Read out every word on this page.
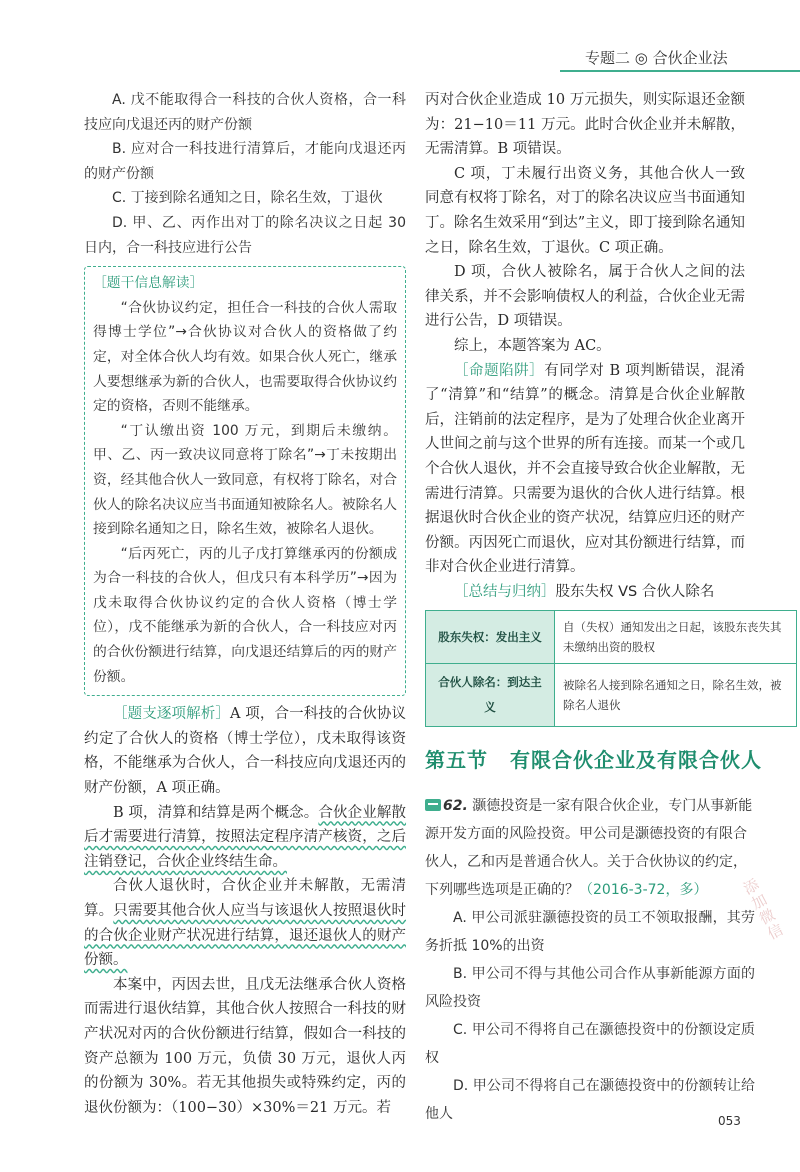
专题二 ◎ 合伙企业法

A. 戊不能取得合一科技的合伙人资格，合一科技应向戊退还丙的财产份额

B. 应对合一科技进行清算后，才能向戊退还丙的财产份额

C. 丁接到除名通知之日，除名生效，丁退伙

D. 甲、乙、丙作出对丁的除名决议之日起 30 日内，合一科技应进行公告

［题干信息解读］

“合伙协议约定，担任合一科技的合伙人需取得博士学位”→合伙协议对合伙人的资格做了约定，对全体合伙人均有效。如果合伙人死亡，继承人要想继承为新的合伙人，也需要取得合伙协议约定的资格，否则不能继承。

“丁认缴出资 100 万元，到期后未缴纳。甲、乙、丙一致决议同意将丁除名”→丁未按期出资，经其他合伙人一致同意，有权将丁除名，对合伙人的除名决议应当书面通知被除名人。被除名人接到除名通知之日，除名生效，被除名人退伙。

“后丙死亡，丙的儿子戊打算继承丙的份额成为合一科技的合伙人，但戊只有本科学历”→因为戊未取得合伙协议约定的合伙人资格（博士学位），戊不能继承为新的合伙人，合一科技应对丙的合伙份额进行结算，向戊退还结算后的丙的财产份额。

［题支逐项解析］A 项，合一科技的合伙协议约定了合伙人的资格（博士学位），戊未取得该资格，不能继承为合伙人，合一科技应向戊退还丙的财产份额，A 项正确。

B 项，清算和结算是两个概念。合伙企业解散后才需要进行清算，按照法定程序清产核资，之后注销登记，合伙企业终结生命。

合伙人退伙时，合伙企业并未解散，无需清算。只需要其他合伙人应当与该退伙人按照退伙时的合伙企业财产状况进行结算，退还退伙人的财产份额。

本案中，丙因去世，且戊无法继承合伙人资格而需进行退伙结算，其他合伙人按照合一科技的财产状况对丙的合伙份额进行结算，假如合一科技的资产总额为 100 万元，负债 30 万元，退伙人丙的份额为 30%。若无其他损失或特殊约定，丙的退伙份额为：（100−30）×30%＝21 万元。若

丙对合伙企业造成 10 万元损失，则实际退还金额为：21−10＝11 万元。此时合伙企业并未解散，无需清算。B 项错误。

C 项，丁未履行出资义务，其他合伙人一致同意有权将丁除名，对丁的除名决议应当书面通知丁。除名生效采用“到达”主义，即丁接到除名通知之日，除名生效，丁退伙。C 项正确。

D 项，合伙人被除名，属于合伙人之间的法律关系，并不会影响债权人的利益，合伙企业无需进行公告，D 项错误。

综上，本题答案为 AC。

［命题陷阱］有同学对 B 项判断错误，混淆了“清算”和“结算”的概念。清算是合伙企业解散后，注销前的法定程序，是为了处理合伙企业离开人世间之前与这个世界的所有连接。而某一个或几个合伙人退伙，并不会直接导致合伙企业解散，无需进行清算。只需要为退伙的合伙人进行结算。根据退伙时合伙企业的资产状况，结算应归还的财产份额。丙因死亡而退伙，应对其份额进行结算，而非对合伙企业进行清算。

［总结与归纳］股东失权 VS 合伙人除名

股东失权：发出主义	自（失权）通知发出之日起，该股东丧失其未缴纳出资的股权
合伙人除名：到达主义	被除名人接到除名通知之日，除名生效，被除名人退伙
第五节 有限合伙企业及有限合伙人
62. 灏德投资是一家有限合伙企业，专门从事新能源开发方面的风险投资。甲公司是灏德投资的有限合伙人，乙和丙是普通合伙人。关于合伙协议的约定，下列哪些选项是正确的？（2016-3-72，多）

A. 甲公司派驻灏德投资的员工不领取报酬，其劳务折抵 10%的出资

B. 甲公司不得与其他公司合作从事新能源方面的风险投资

C. 甲公司不得将自己在灏德投资中的份额设定质权

D. 甲公司不得将自己在灏德投资中的份额转让给他人

添加微信
053
